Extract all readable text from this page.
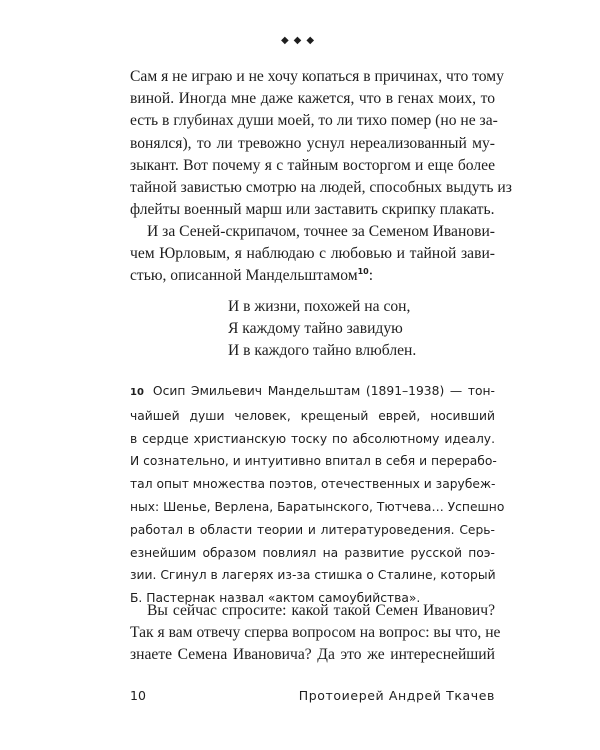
◆◆◆
Сам я не играю и не хочу копаться в причинах, что тому
виной. Иногда мне даже кажется, что в генах моих, то
есть в глубинах души моей, то ли тихо помер (но не за-
вонялся), то ли тревожно уснул нереализованный му-
зыкант. Вот почему я с тайным восторгом и еще более
тайной завистью смотрю на людей, способных выдуть из
флейты военный марш или заставить скрипку плакать.
И за Сеней-скрипачом, точнее за Семеном Иванови-
чем Юрловым, я наблюдаю с любовью и тайной зави-
стью, описанной Мандельштамом$^{10}$:
И в жизни, похожей на сон,
Я каждому тайно завидую
И в каждого тайно влюблен.
10 Осип Эмильевич Мандельштам (1891–1938) — тон-
чайшей души человек, крещеный еврей, носивший
в сердце христианскую тоску по абсолютному идеалу.
И сознательно, и интуитивно впитал в себя и перерабо-
тал опыт множества поэтов, отечественных и зарубеж-
ных: Шенье, Верлена, Баратынского, Тютчева… Успешно
работал в области теории и литературоведения. Серь-
езнейшим образом повлиял на развитие русской поэ-
зии. Сгинул в лагерях из-за стишка о Сталине, который
Б. Пастернак назвал «актом самоубийства».
Вы сейчас спросите: какой такой Семен Иванович?
Так я вам отвечу сперва вопросом на вопрос: вы что, не
знаете Семена Ивановича? Да это же интереснейший
10	Протоиерей Андрей Ткачев
